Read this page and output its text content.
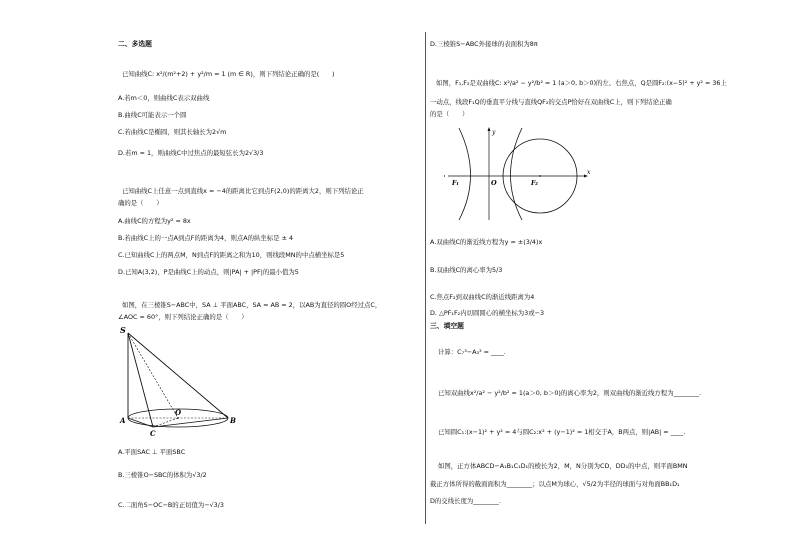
二、多选题
已知曲线C: x²/(m²+2) + y²/m = 1 (m ∈ R)，则下列结论正确的是(　　)
A.若m＜0，则曲线C表示双曲线
B.曲线C可能表示一个圆
C.若曲线C是椭圆，则其长轴长为2√m
D.若m = 1，则曲线C中过焦点的最短弦长为2√3/3
已知曲线C上任意一点到直线x = −4的距离比它到点F(2,0)的距离大2，则下列结论正
确的是（　　）
A.曲线C的方程为y² = 8x
B.若曲线C上的一点A到点F的距离为4，则点A的纵坐标是 ± 4
C.已知曲线C上的两点M，N到点F的距离之和为10，则线段MN的中点横坐标是5
D.已知A(3,2)，P是曲线C上的动点，则|PA| + |PF|的最小值为5
如图，在三棱锥S−ABC中，SA ⊥ 平面ABC，SA = AB = 2，以AB为直径的圆O经过点C，
∠AOC = 60°，则下列结论正确的是（　　）
S
A	B
C
O
A.平面SAC ⊥ 平面SBC
B.三棱锥O−SBC的体积为√3/2
C.二面角S−OC−B的正切值为−√3/3
D.三棱锥S−ABC外接球的表面积为8π
如图，F₁,F₂是双曲线C: x²/a² − y²/b² = 1 (a＞0, b＞0)的左、右焦点，Q是圆F₂:(x−5)² + y² = 36上
一动点，线段F₁Q的垂直平分线与直线QF₂的交点P恰好在双曲线C上，则下列结论正确
的是（　　）
y
x
O
F₁	F₂
A.双曲线C的渐近线方程为y = ±(3/4)x
B.双曲线C的离心率为5/3
C.焦点F₂到双曲线C的渐近线距离为4
D. △PF₁F₂内切圆圆心的横坐标为3或−3
三、填空题
计算：C₇³−A₃³ = ____.
已知双曲线x²/a² − y²/b² = 1(a＞0, b＞0)的离心率为2，则双曲线的渐近线方程为________.
已知圆C₁:(x−1)² + y² = 4与圆C₂:x² + (y−1)² = 1相交于A，B两点，则|AB| = ____.
如图，正方体ABCD−A₁B₁C₁D₁的棱长为2，M，N分别为CD，DD₁的中点，则平面BMN
截正方体所得的截面面积为________；以点M为球心，√5/2为半径的球面与对角面BB₁D₁
D的交线长度为________.
